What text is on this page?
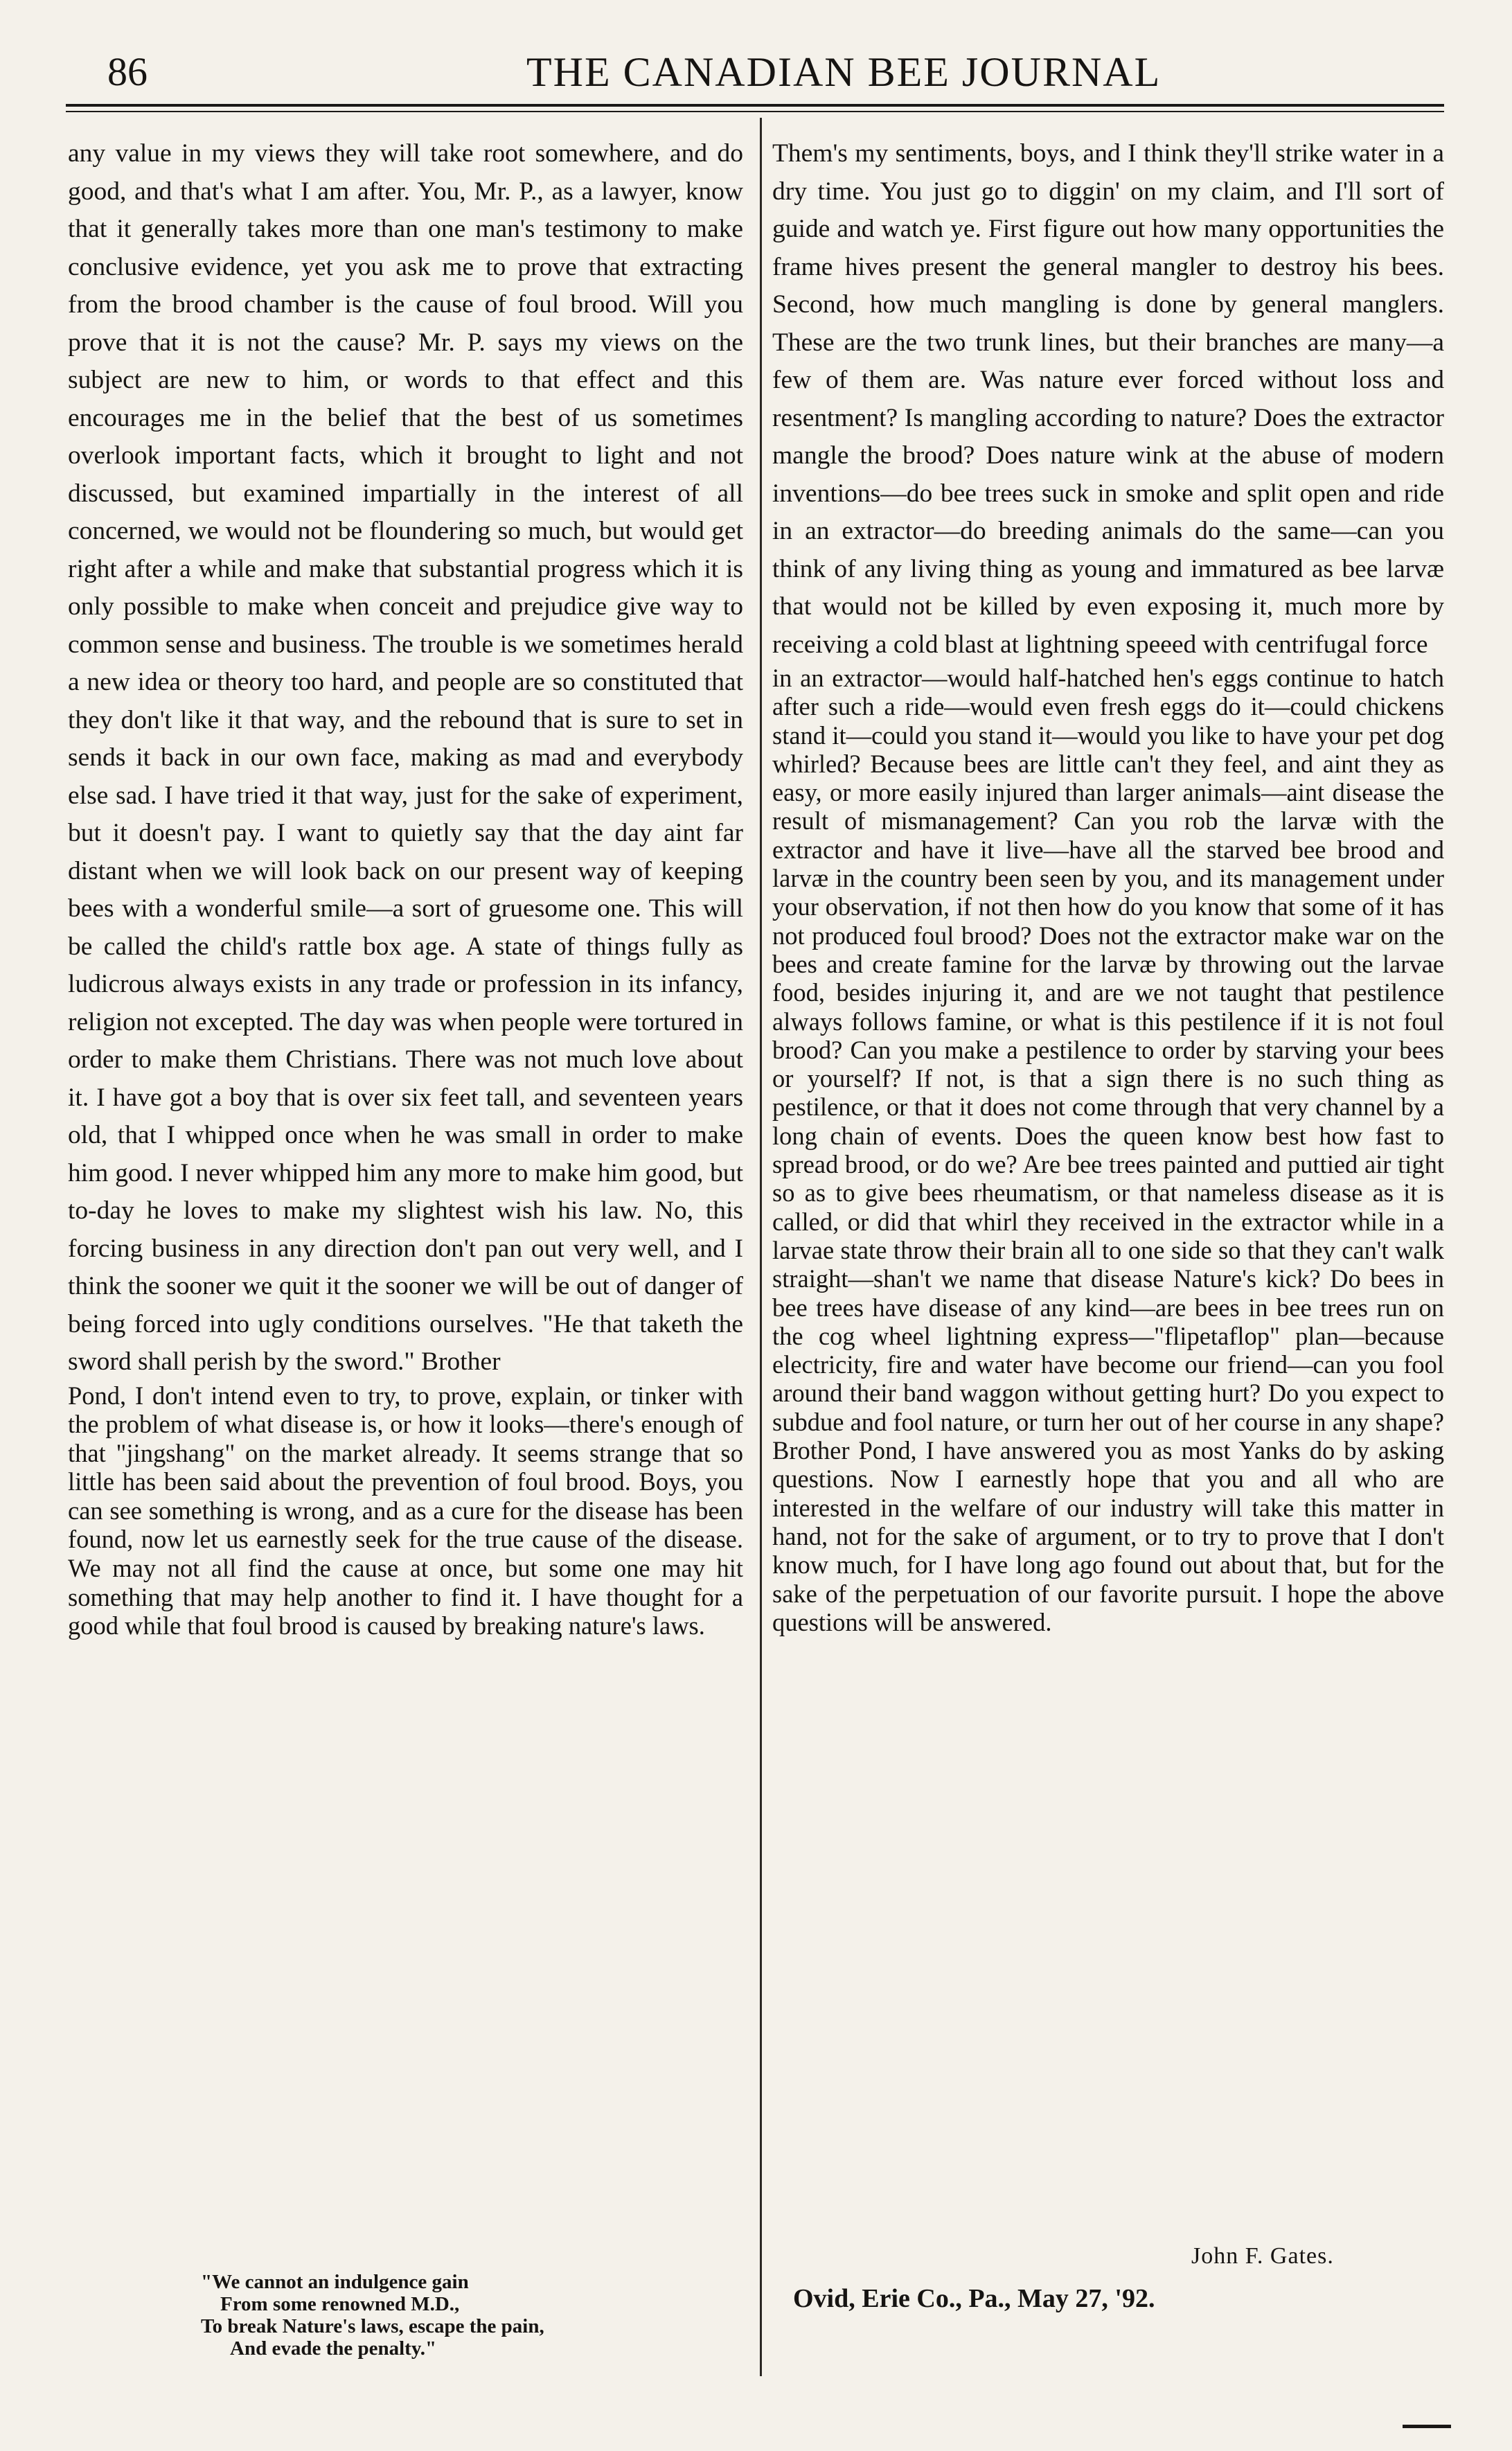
86	THE CANADIAN BEE JOURNAL

any value in my views they will take root somewhere, and do good, and that's what I am after. You, Mr. P., as a lawyer, know that it generally takes more than one man's testimony to make conclusive evidence, yet you ask me to prove that extracting from the brood chamber is the cause of foul brood. Will you prove that it is not the cause? Mr. P. says my views on the subject are new to him, or words to that effect and this encourages me in the belief that the best of us sometimes overlook important facts, which it brought to light and not discussed, but examined impartially in the interest of all concerned, we would not be floundering so much, but would get right after a while and make that substantial progress which it is only possible to make when conceit and prejudice give way to common sense and business. The trouble is we sometimes herald a new idea or theory too hard, and people are so constituted that they don't like it that way, and the rebound that is sure to set in sends it back in our own face, making as mad and everybody else sad. I have tried it that way, just for the sake of experiment, but it doesn't pay. I want to quietly say that the day aint far distant when we will look back on our present way of keeping bees with a wonderful smile—a sort of gruesome one. This will be called the child's rattle box age. A state of things fully as ludicrous always exists in any trade or profession in its infancy, religion not excepted. The day was when people were tortured in order to make them Christians. There was not much love about it. I have got a boy that is over six feet tall, and seventeen years old, that I whipped once when he was small in order to make him good. I never whipped him any more to make him good, but to-day he loves to make my slightest wish his law. No, this forcing business in any direction don't pan out very well, and I think the sooner we quit it the sooner we will be out of danger of being forced into ugly conditions ourselves. "He that taketh the sword shall perish by the sword." Brother

Pond, I don't intend even to try, to prove, explain, or tinker with the problem of what disease is, or how it looks—there's enough of that "jingshang" on the market already. It seems strange that so little has been said about the prevention of foul brood. Boys, you can see something is wrong, and as a cure for the disease has been found, now let us earnestly seek for the true cause of the disease. We may not all find the cause at once, but some one may hit something that may help another to find it. I have thought for a good while that foul brood is caused by breaking nature's laws.

"We cannot an indulgence gain
From some renowned M.D.,
To break Nature's laws, escape the pain,
And evade the penalty."

Them's my sentiments, boys, and I think they'll strike water in a dry time. You just go to diggin' on my claim, and I'll sort of guide and watch ye. First figure out how many opportunities the frame hives present the general mangler to destroy his bees. Second, how much mangling is done by general manglers. These are the two trunk lines, but their branches are many—a few of them are. Was nature ever forced without loss and resentment? Is mangling according to nature? Does the extractor mangle the brood? Does nature wink at the abuse of modern inventions—do bee trees suck in smoke and split open and ride in an extractor—do breeding animals do the same—can you think of any living thing as young and immatured as bee larvæ that would not be killed by even exposing it, much more by receiving a cold blast at lightning speeed with centrifugal force

in an extractor—would half-hatched hen's eggs continue to hatch after such a ride—would even fresh eggs do it—could chickens stand it—could you stand it—would you like to have your pet dog whirled? Because bees are little can't they feel, and aint they as easy, or more easily injured than larger animals—aint disease the result of mismanagement? Can you rob the larvæ with the extractor and have it live—have all the starved bee brood and larvæ in the country been seen by you, and its management under your observation, if not then how do you know that some of it has not produced foul brood? Does not the extractor make war on the bees and create famine for the larvæ by throwing out the larvae food, besides injuring it, and are we not taught that pestilence always follows famine, or what is this pestilence if it is not foul brood? Can you make a pestilence to order by starving your bees or yourself? If not, is that a sign there is no such thing as pestilence, or that it does not come through that very channel by a long chain of events. Does the queen know best how fast to spread brood, or do we? Are bee trees painted and puttied air tight so as to give bees rheumatism, or that nameless disease as it is called, or did that whirl they received in the extractor while in a larvae state throw their brain all to one side so that they can't walk straight—shan't we name that disease Nature's kick? Do bees in bee trees have disease of any kind—are bees in bee trees run on the cog wheel lightning express—"flipetaflop" plan—because electricity, fire and water have become our friend—can you fool around their band waggon without getting hurt? Do you expect to subdue and fool nature, or turn her out of her course in any shape? Brother Pond, I have answered you as most Yanks do by asking questions. Now I earnestly hope that you and all who are interested in the welfare of our industry will take this matter in hand, not for the sake of argument, or to try to prove that I don't know much, for I have long ago found out about that, but for the sake of the perpetuation of our favorite pursuit. I hope the above questions will be answered.

John F. Gates.
Ovid, Erie Co., Pa., May 27, '92.
